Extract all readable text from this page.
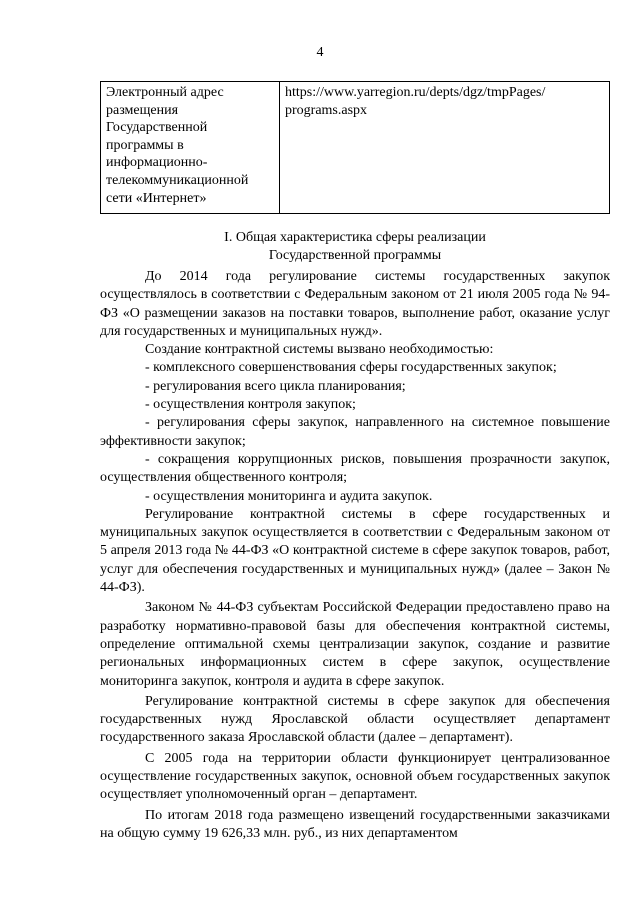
4
Электронный адрес размещения Государственной программы в информационно-телекоммуникационной сети «Интернет»	https://www.yarregion.ru/depts/dgz/tmpPages/ programs.aspx
I. Общая характеристика сферы реализации
Государственной программы

До 2014 года регулирование системы государственных закупок осуществлялось в соответствии с Федеральным законом от 21 июля 2005 года № 94-ФЗ «О размещении заказов на поставки товаров, выполнение работ, оказание услуг для государственных и муниципальных нужд».

Создание контрактной системы вызвано необходимостью:

- комплексного совершенствования сферы государственных закупок;

- регулирования всего цикла планирования;

- осуществления контроля закупок;

- регулирования сферы закупок, направленного на системное повышение эффективности закупок;

- сокращения коррупционных рисков, повышения прозрачности закупок, осуществления общественного контроля;

- осуществления мониторинга и аудита закупок.

Регулирование контрактной системы в сфере государственных и муниципальных закупок осуществляется в соответствии с Федеральным законом от 5 апреля 2013 года № 44-ФЗ «О контрактной системе в сфере закупок товаров, работ, услуг для обеспечения государственных и муниципальных нужд» (далее – Закон № 44-ФЗ).

Законом № 44-ФЗ субъектам Российской Федерации предоставлено право на разработку нормативно-правовой базы для обеспечения контрактной системы, определение оптимальной схемы централизации закупок, создание и развитие региональных информационных систем в сфере закупок, осуществление мониторинга закупок, контроля и аудита в сфере закупок.

Регулирование контрактной системы в сфере закупок для обеспечения государственных нужд Ярославской области осуществляет департамент государственного заказа Ярославской области (далее – департамент).

С 2005 года на территории области функционирует централизованное осуществление государственных закупок, основной объем государственных закупок осуществляет уполномоченный орган – департамент.

По итогам 2018 года размещено извещений государственными заказчиками на общую сумму 19 626,33 млн. руб., из них департаментом
